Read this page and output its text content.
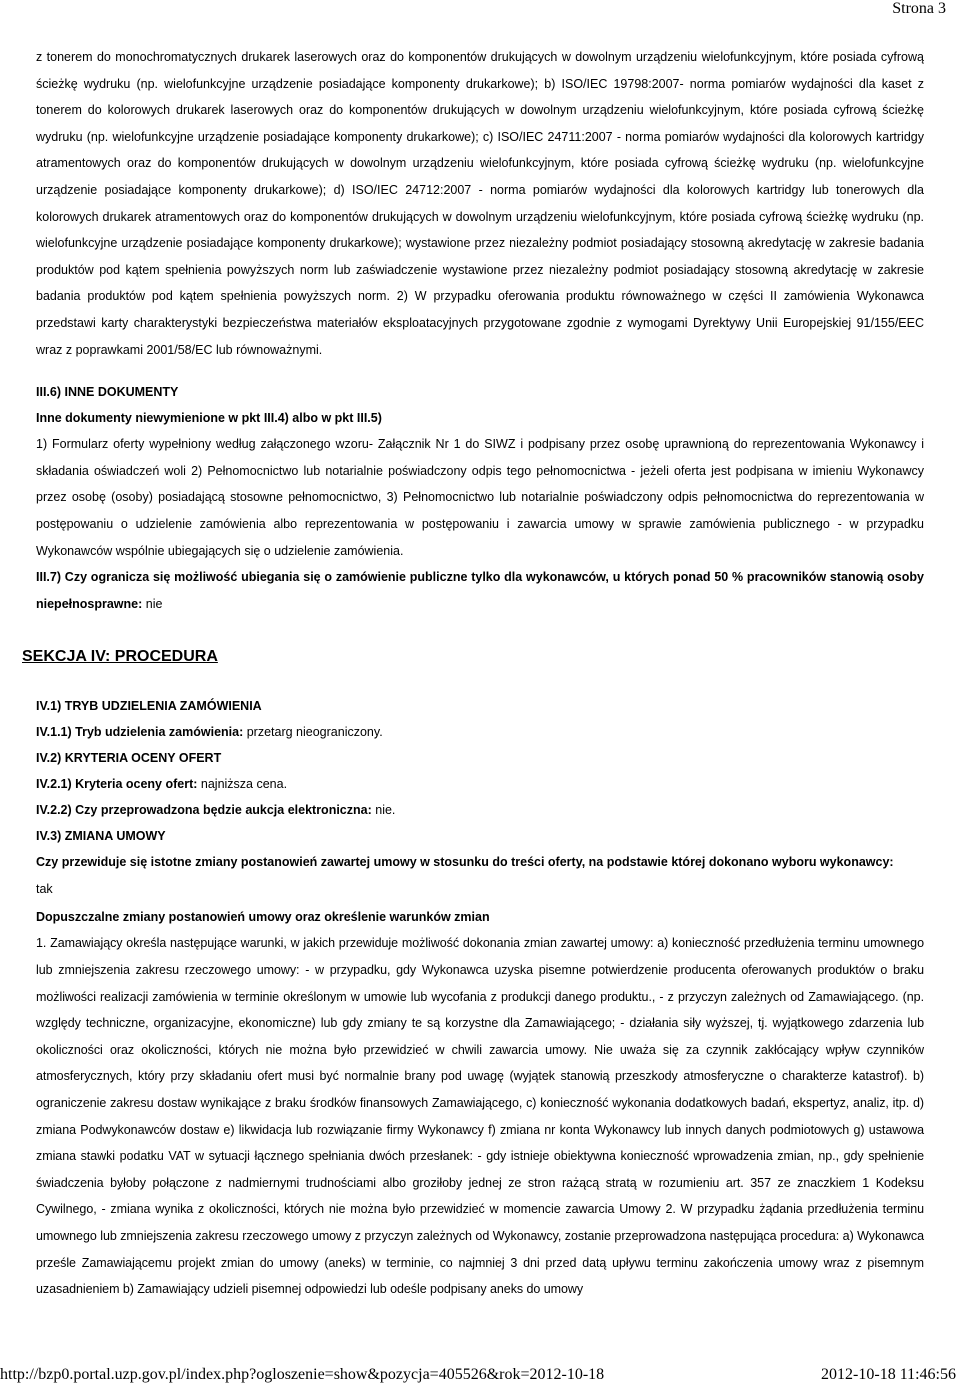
Strona 3

z tonerem do monochromatycznych drukarek laserowych oraz do komponentów drukujących w dowolnym urządzeniu wielofunkcyjnym, które posiada cyfrową ścieżkę wydruku (np. wielofunkcyjne urządzenie posiadające komponenty drukarkowe); b) ISO/IEC 19798:2007- norma pomiarów wydajności dla kaset z tonerem do kolorowych drukarek laserowych oraz do komponentów drukujących w dowolnym urządzeniu wielofunkcyjnym, które posiada cyfrową ścieżkę wydruku (np. wielofunkcyjne urządzenie posiadające komponenty drukarkowe); c) ISO/IEC 24711:2007 - norma pomiarów wydajności dla kolorowych kartridgy atramentowych oraz do komponentów drukujących w dowolnym urządzeniu wielofunkcyjnym, które posiada cyfrową ścieżkę wydruku (np. wielofunkcyjne urządzenie posiadające komponenty drukarkowe); d) ISO/IEC 24712:2007 - norma pomiarów wydajności dla kolorowych kartridgy lub tonerowych dla kolorowych drukarek atramentowych oraz do komponentów drukujących w dowolnym urządzeniu wielofunkcyjnym, które posiada cyfrową ścieżkę wydruku (np. wielofunkcyjne urządzenie posiadające komponenty drukarkowe); wystawione przez niezależny podmiot posiadający stosowną akredytację w zakresie badania produktów pod kątem spełnienia powyższych norm lub zaświadczenie wystawione przez niezależny podmiot posiadający stosowną akredytację w zakresie badania produktów pod kątem spełnienia powyższych norm. 2) W przypadku oferowania produktu równoważnego w części II zamówienia Wykonawca przedstawi karty charakterystyki bezpieczeństwa materiałów eksploatacyjnych przygotowane zgodnie z wymogami Dyrektywy Unii Europejskiej 91/155/EEC wraz z poprawkami 2001/58/EC lub równoważnymi.

III.6) INNE DOKUMENTY

Inne dokumenty niewymienione w pkt III.4) albo w pkt III.5)

1) Formularz oferty wypełniony według załączonego wzoru- Załącznik Nr 1 do SIWZ i podpisany przez osobę uprawnioną do reprezentowania Wykonawcy i składania oświadczeń woli 2) Pełnomocnictwo lub notarialnie poświadczony odpis tego pełnomocnictwa - jeżeli oferta jest podpisana w imieniu Wykonawcy przez osobę (osoby) posiadającą stosowne pełnomocnictwo, 3) Pełnomocnictwo lub notarialnie poświadczony odpis pełnomocnictwa do reprezentowania w postępowaniu o udzielenie zamówienia albo reprezentowania w postępowaniu i zawarcia umowy w sprawie zamówienia publicznego - w przypadku Wykonawców wspólnie ubiegających się o udzielenie zamówienia.

III.7) Czy ogranicza się możliwość ubiegania się o zamówienie publiczne tylko dla wykonawców, u których ponad 50 % pracowników stanowią osoby niepełnosprawne: nie

IV.1) TRYB UDZIELENIA ZAMÓWIENIA

IV.1.1) Tryb udzielenia zamówienia: przetarg nieograniczony.

IV.2) KRYTERIA OCENY OFERT

IV.2.1) Kryteria oceny ofert: najniższa cena.

IV.2.2) Czy przeprowadzona będzie aukcja elektroniczna: nie.

IV.3) ZMIANA UMOWY

Czy przewiduje się istotne zmiany postanowień zawartej umowy w stosunku do treści oferty, na podstawie której dokonano wyboru wykonawcy:

tak

Dopuszczalne zmiany postanowień umowy oraz określenie warunków zmian

1. Zamawiający określa następujące warunki, w jakich przewiduje możliwość dokonania zmian zawartej umowy: a) konieczność przedłużenia terminu umownego lub zmniejszenia zakresu rzeczowego umowy: - w przypadku, gdy Wykonawca uzyska pisemne potwierdzenie producenta oferowanych produktów o braku możliwości realizacji zamówienia w terminie określonym w umowie lub wycofania z produkcji danego produktu., - z przyczyn zależnych od Zamawiającego. (np. względy techniczne, organizacyjne, ekonomiczne) lub gdy zmiany te są korzystne dla Zamawiającego; - działania siły wyższej, tj. wyjątkowego zdarzenia lub okoliczności oraz okoliczności, których nie można było przewidzieć w chwili zawarcia umowy. Nie uważa się za czynnik zakłócający wpływ czynników atmosferycznych, który przy składaniu ofert musi być normalnie brany pod uwagę (wyjątek stanowią przeszkody atmosferyczne o charakterze katastrof). b) ograniczenie zakresu dostaw wynikające z braku środków finansowych Zamawiającego, c) konieczność wykonania dodatkowych badań, ekspertyz, analiz, itp. d) zmiana Podwykonawców dostaw e) likwidacja lub rozwiązanie firmy Wykonawcy f) zmiana nr konta Wykonawcy lub innych danych podmiotowych g) ustawowa zmiana stawki podatku VAT w sytuacji łącznego spełniania dwóch przesłanek: - gdy istnieje obiektywna konieczność wprowadzenia zmian, np., gdy spełnienie świadczenia byłoby połączone z nadmiernymi trudnościami albo groziłoby jednej ze stron rażącą stratą w rozumieniu art. 357 ze znaczkiem 1 Kodeksu Cywilnego, - zmiana wynika z okoliczności, których nie można było przewidzieć w momencie zawarcia Umowy 2. W przypadku żądania przedłużenia terminu umownego lub zmniejszenia zakresu rzeczowego umowy z przyczyn zależnych od Wykonawcy, zostanie przeprowadzona następująca procedura: a) Wykonawca prześle Zamawiającemu projekt zmian do umowy (aneks) w terminie, co najmniej 3 dni przed datą upływu terminu zakończenia umowy wraz z pisemnym uzasadnieniem b) Zamawiający udzieli pisemnej odpowiedzi lub odeśle podpisany aneks do umowy

SEKCJA IV: PROCEDURA
http://bzp0.portal.uzp.gov.pl/index.php?ogloszenie=show&pozycja=405526&rok=2012-10-18	2012-10-18 11:46:56
